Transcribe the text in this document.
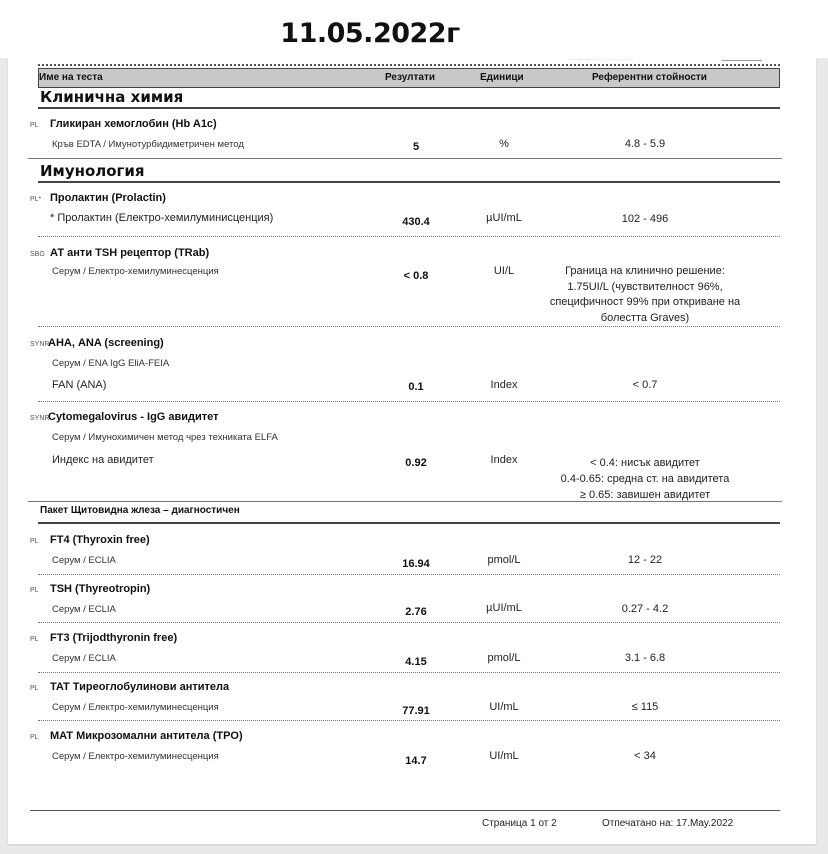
11.05.2022г
············ ··········· ·· ···
Име на теста	Резултати	Единици	Референтни стойности
Клинична химия
PL Гликиран хемоглобин (Hb A1c)
Кръв EDTA / Имунотурбидиметричен метод	5	%	4.8 - 5.9
Имунология
PL* Пролактин (Prolactin)
* Пролактин (Електро-хемилуминисценция)	430.4	µUI/mL	102 - 496
SBG АТ анти TSH рецептор (TRab)
Серум / Електро-хемилуминесценция	< 0.8	UI/L	Граница на клинично решение:
1.75UI/L (чувствителност 96%,
специфичност 99% при откриване на
болестта Graves)
SYNR
АНА, ANA (screening)
Серум / ENA IgG EliA-FEIA
FAN (ANA)	0.1	Index	< 0.7
SYNR
Cytomegalovirus - IgG авидитет
Серум / Имунохимичен метод чрез техниката ELFA
Индекс на авидитет	0.92	Index	< 0.4: нисък авидитет
0.4-0.65: средна ст. на авидитета
≥ 0.65: завишен авидитет
Пакет Щитовидна жлеза – диагностичен
PL FT4 (Thyroxin free)
Серум / ECLIA	16.94	pmol/L	12 - 22
PL TSH (Thyreotropin)
Серум / ECLIA	2.76	µUI/mL	0.27 - 4.2
PL FT3 (Trijodthyronin free)
Серум / ECLIA	4.15	pmol/L	3.1 - 6.8
PL TAT Тиреоглобулинови антитела
Серум / Електро-хемилуминесценция	77.91	UI/mL	≤ 115
PL MAT Микрозомални антитела (TPO)
Серум / Електро-хемилуминесценция	14.7	UI/mL	< 34
Страница 1 от 2	Отпечатано на: 17.May.2022
